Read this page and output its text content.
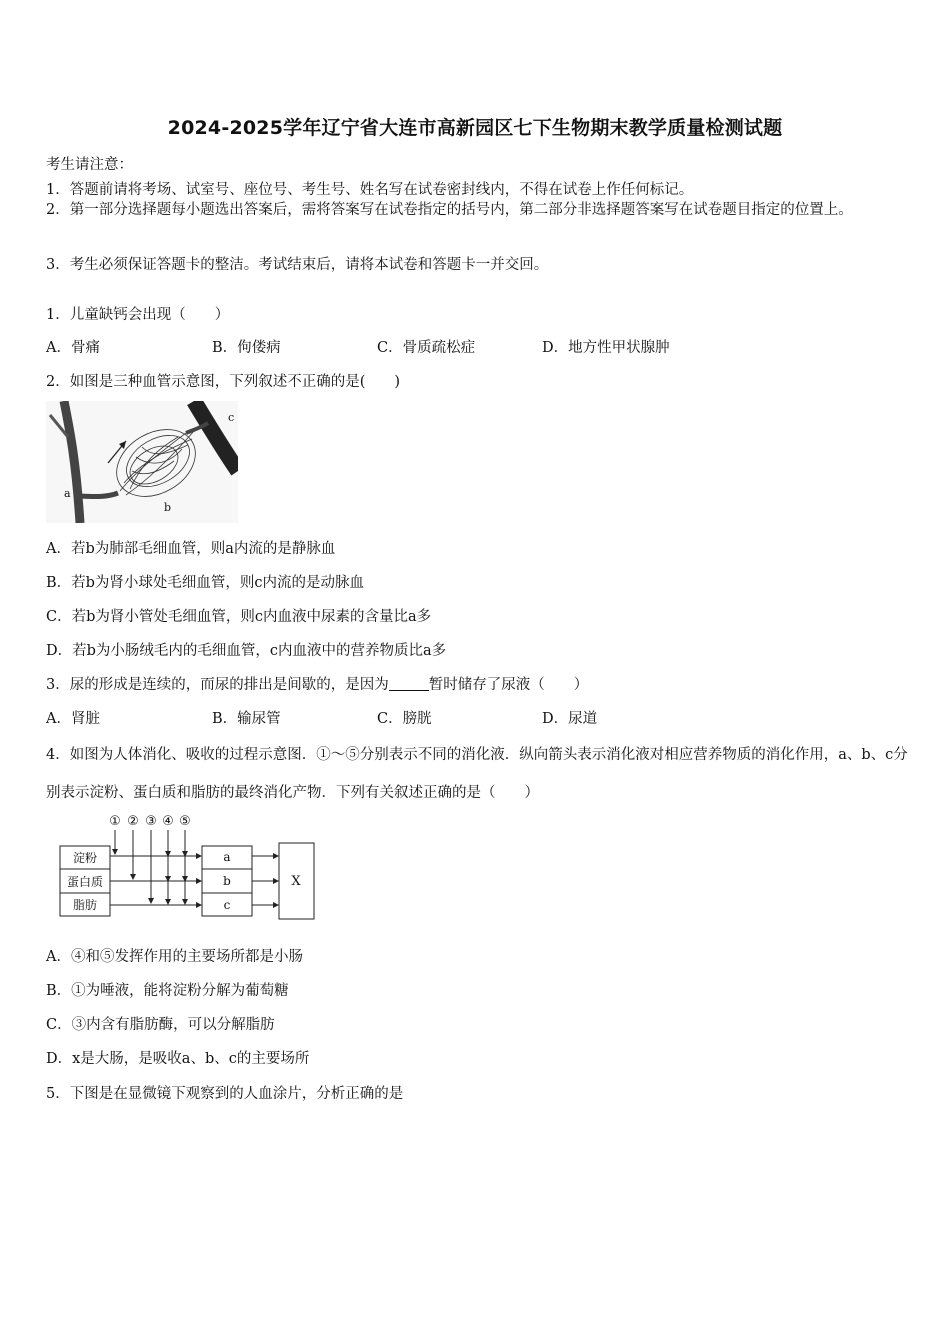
2024-2025学年辽宁省大连市高新园区七下生物期末教学质量检测试题
考生请注意：
1．答题前请将考场、试室号、座位号、考生号、姓名写在试卷密封线内，不得在试卷上作任何标记。
2．第一部分选择题每小题选出答案后，需将答案写在试卷指定的括号内，第二部分非选择题答案写在试卷题目指定的位置上。
3．考生必须保证答题卡的整洁。考试结束后，请将本试卷和答题卡一并交回。
1．儿童缺钙会出现（　　）
A．骨痛	B．佝偻病	C．骨质疏松症	D．地方性甲状腺肿
2．如图是三种血管示意图，下列叙述不正确的是(　　)
c
a
b
A．若b为肺部毛细血管，则a内流的是静脉血
B．若b为肾小球处毛细血管，则c内流的是动脉血
C．若b为肾小管处毛细血管，则c内血液中尿素的含量比a多
D．若b为小肠绒毛内的毛细血管，c内血液中的营养物质比a多
3．尿的形成是连续的，而尿的排出是间歇的，是因为	暂时储存了尿液（　　）
A．肾脏	B．输尿管	C．膀胱	D．尿道
4．如图为人体消化、吸收的过程示意图．①～⑤分别表示不同的消化液．纵向箭头表示消化液对相应营养物质的消化作用，a、b、c分别表示淀粉、蛋白质和脂肪的最终消化产物．下列有关叙述正确的是（　　）
① ② ③ ④ ⑤
淀粉
蛋白质
脂肪
a
b
c
X
A．④和⑤发挥作用的主要场所都是小肠
B．①为唾液，能将淀粉分解为葡萄糖
C．③内含有脂肪酶，可以分解脂肪
D．x是大肠，是吸收a、b、c的主要场所
5．下图是在显微镜下观察到的人血涂片，分析正确的是
